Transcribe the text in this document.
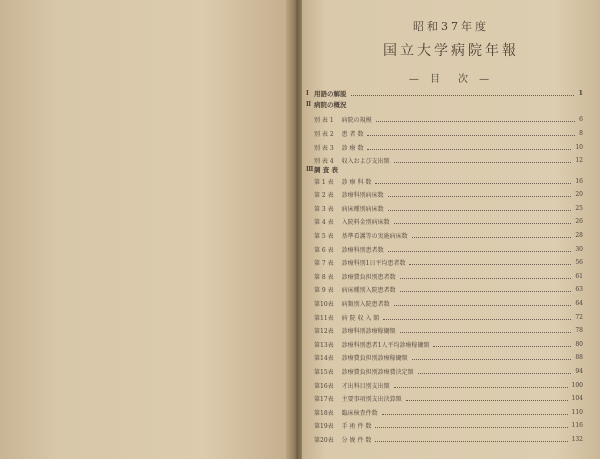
昭和37年度
国立大学病院年報
— 目　次 —
Ⅰ 用語の解説	1
Ⅱ 病院の概況
別 表 1 病院の規模	6
別 表 2 患 者 数	8
別 表 3 診 療 数	10
別 表 4 収入および支出額	12
Ⅲ 調 査 表
第 1 表 診 療 科 数	16
第 2 表 診療科別病床数	20
第 3 表 病床種別病床数	25
第 4 表 入院料金別病床数	26
第 5 表 基準看護等の実施病床数	28
第 6 表 診療科別患者数	30
第 7 表 診療科別1日平均患者数	56
第 8 表 診療費負担別患者数	61
第 9 表 病床種別入院患者数	63
第10表 病類別入院患者数	64
第11表 病 院 収 入 額	72
第12表 診療科別診療稼働額	78
第13表 診療科別患者1人平均診療稼働額	80
第14表 診療費負担別診療稼働額	88
第15表 診療費負担別診療費決定額	94
第16表 才出科目別支出額	100
第17表 主要事項別支出決算額	104
第18表 臨床検査件数	110
第19表 手 術 件 数	116
第20表 分 娩 件 数	132
